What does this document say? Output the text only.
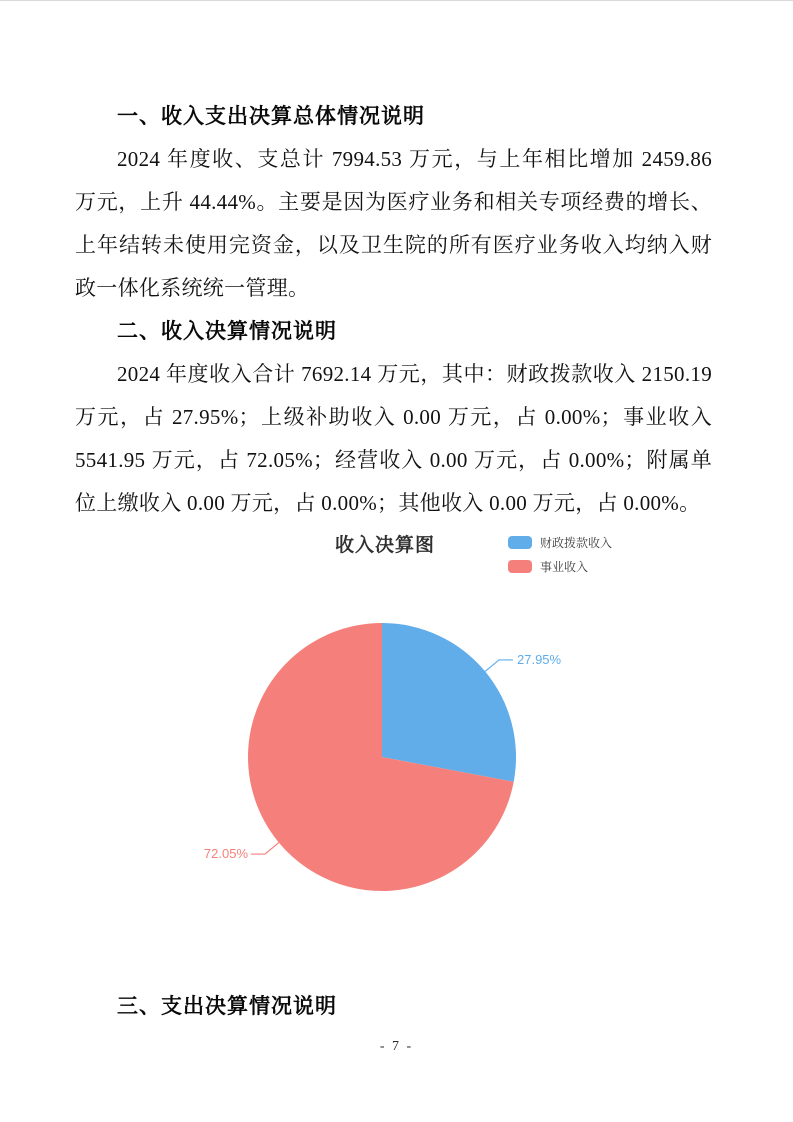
一、收入支出决算总体情况说明

2024 年度收、支总计 7994.53 万元，与上年相比增加 2459.86 万元，上升 44.44%。主要是因为医疗业务和相关专项经费的增长、上年结转未使用完资金，以及卫生院的所有医疗业务收入均纳入财政一体化系统统一管理。

二、收入决算情况说明

2024 年度收入合计 7692.14 万元，其中：财政拨款收入 2150.19 万元，占 27.95%；上级补助收入 0.00 万元，占 0.00%；事业收入 5541.95 万元，占 72.05%；经营收入 0.00 万元，占 0.00%；附属单位上缴收入 0.00 万元，占 0.00%；其他收入 0.00 万元，占 0.00%。

收入决算图	财政拨款收入
事业收入
27.95%
72.05%
三、支出决算情况说明
- 7 -
